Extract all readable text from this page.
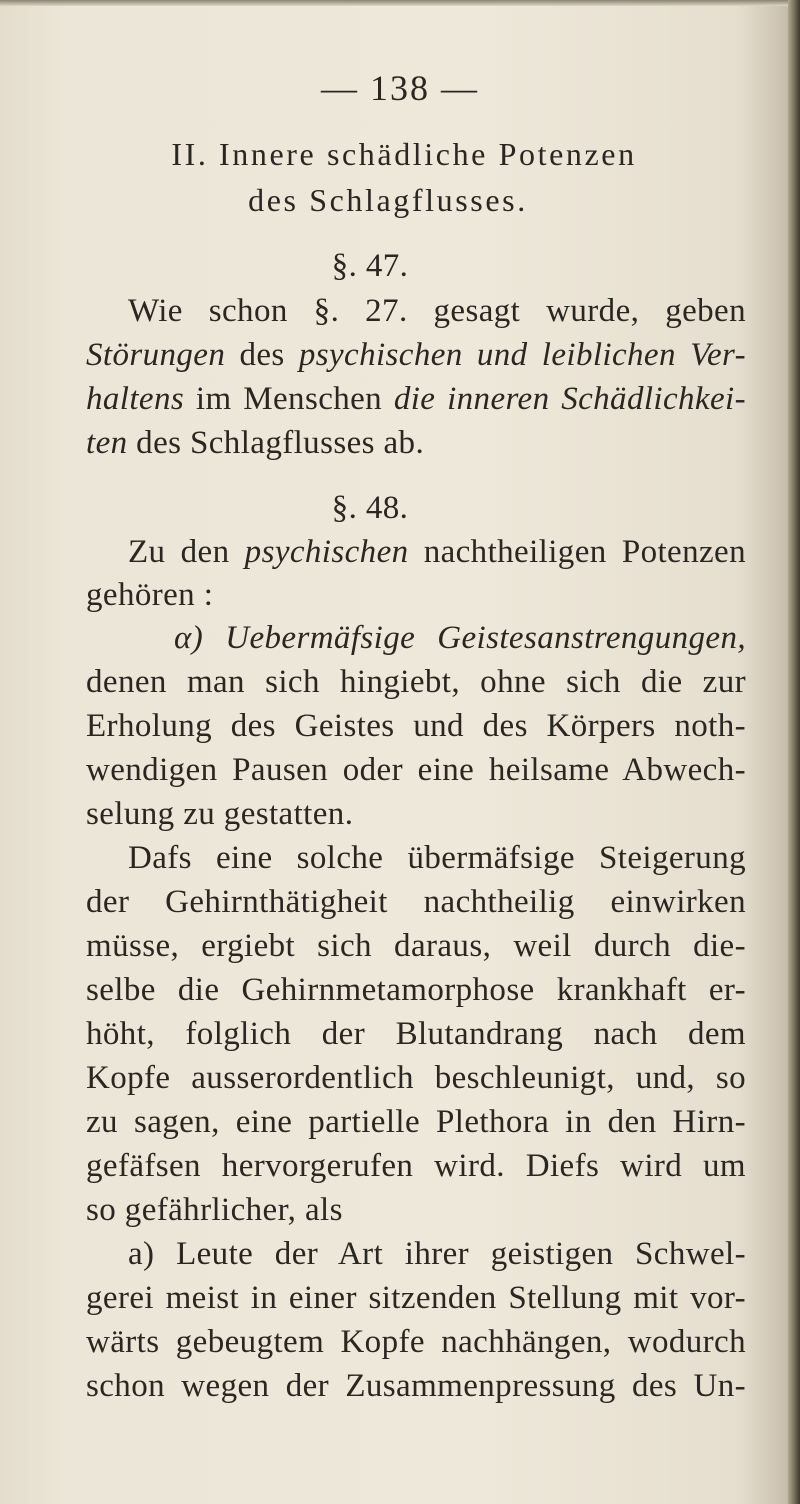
— 138 —
II. Innere schädliche Potenzen
des Schlagflusses.
§. 47.
Wie schon §. 27. gesagt wurde, geben
Störungen des psychischen und leiblichen Ver-
haltens im Menschen die inneren Schädlichkei-
ten des Schlagflusses ab.
§. 48.
Zu den psychischen nachtheiligen Potenzen
gehören :
α) Uebermäfsige Geistesanstrengungen,
denen man sich hingiebt, ohne sich die zur
Erholung des Geistes und des Körpers noth-
wendigen Pausen oder eine heilsame Abwech-
selung zu gestatten.
Dafs eine solche übermäfsige Steigerung
der Gehirnthätigheit nachtheilig einwirken
müsse, ergiebt sich daraus, weil durch die-
selbe die Gehirnmetamorphose krankhaft er-
höht, folglich der Blutandrang nach dem
Kopfe ausserordentlich beschleunigt, und, so
zu sagen, eine partielle Plethora in den Hirn-
gefäfsen hervorgerufen wird. Diefs wird um
so gefährlicher, als
a) Leute der Art ihrer geistigen Schwel-
gerei meist in einer sitzenden Stellung mit vor-
wärts gebeugtem Kopfe nachhängen, wodurch
schon wegen der Zusammenpressung des Un-
